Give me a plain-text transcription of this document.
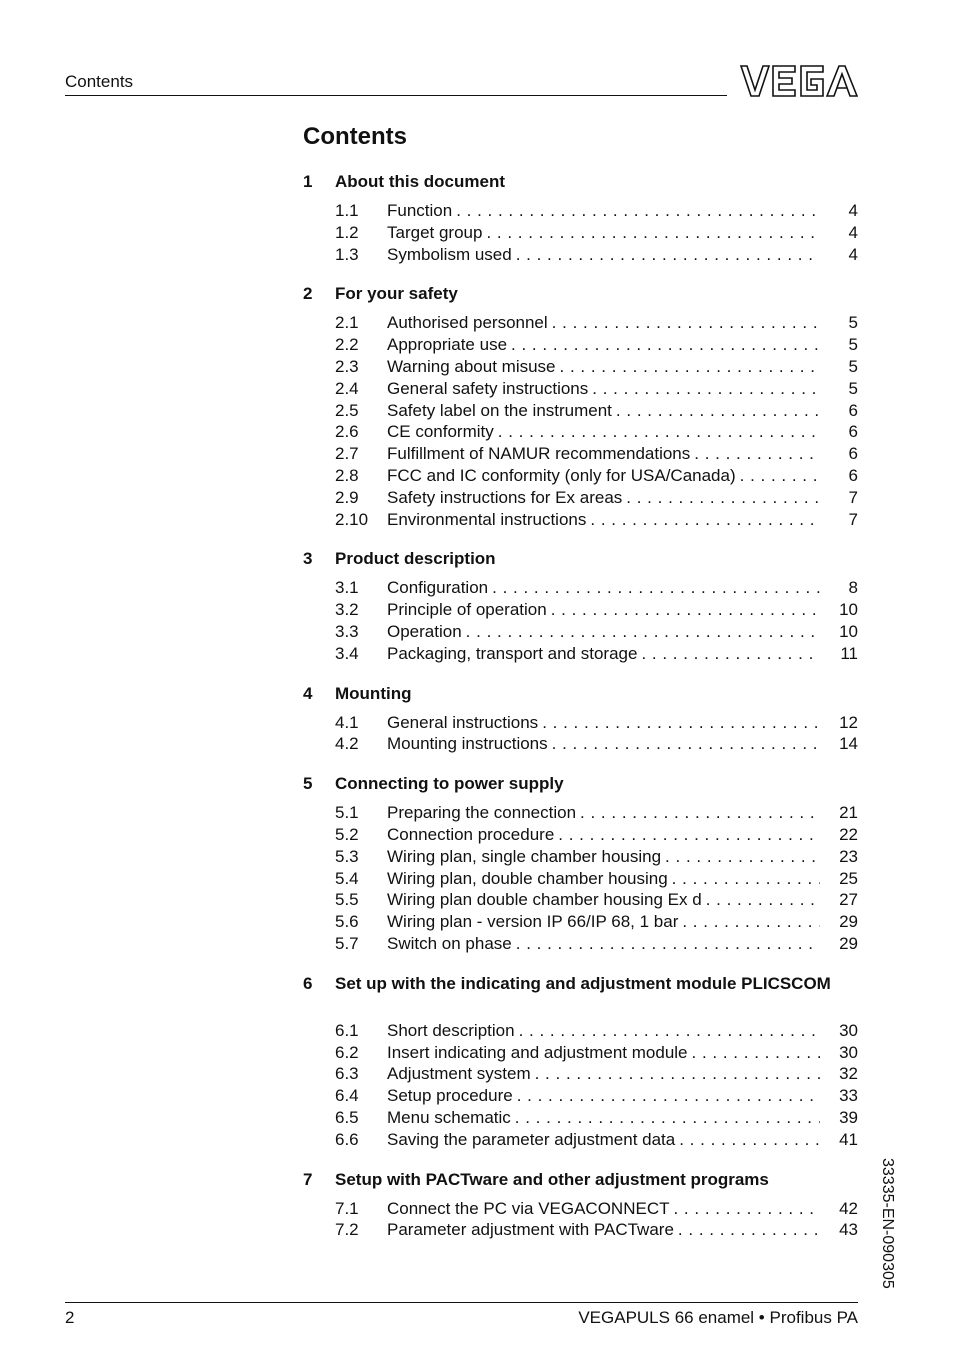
Contents
Contents
1	About this document
1.1	Function . . .	4
1.2	Target group . . .	4
1.3	Symbolism used . . .	4
2	For your safety
2.1	Authorised personnel . . .	5
2.2	Appropriate use . . .	5
2.3	Warning about misuse . . .	5
2.4	General safety instructions . . .	5
2.5	Safety label on the instrument . . .	6
2.6	CE conformity . . .	6
2.7	Fulfillment of NAMUR recommendations . . .	6
2.8	FCC and IC conformity (only for USA/Canada) . . .	6
2.9	Safety instructions for Ex areas . . .	7
2.10	Environmental instructions . . .	7
3	Product description
3.1	Configuration . . .	8
3.2	Principle of operation . . .	10
3.3	Operation . . .	10
3.4	Packaging, transport and storage . . .	11
4	Mounting
4.1	General instructions . . .	12
4.2	Mounting instructions . . .	14
5	Connecting to power supply
5.1	Preparing the connection . . .	21
5.2	Connection procedure . . .	22
5.3	Wiring plan, single chamber housing . . .	23
5.4	Wiring plan, double chamber housing . . .	25
5.5	Wiring plan double chamber housing Ex d . . .	27
5.6	Wiring plan - version IP 66/IP 68, 1 bar . . .	29
5.7	Switch on phase . . .	29
6	Set up with the indicating and adjustment module PLICSCOM
6.1	Short description . . .	30
6.2	Insert indicating and adjustment module . . .	30
6.3	Adjustment system . . .	32
6.4	Setup procedure . . .	33
6.5	Menu schematic . . .	39
6.6	Saving the parameter adjustment data . . .	41
7	Setup with PACTware and other adjustment programs
7.1	Connect the PC via VEGACONNECT . . .	42
7.2	Parameter adjustment with PACTware . . .	43 33335-EN-090305
2	VEGAPULS 66 enamel • Profibus PA
